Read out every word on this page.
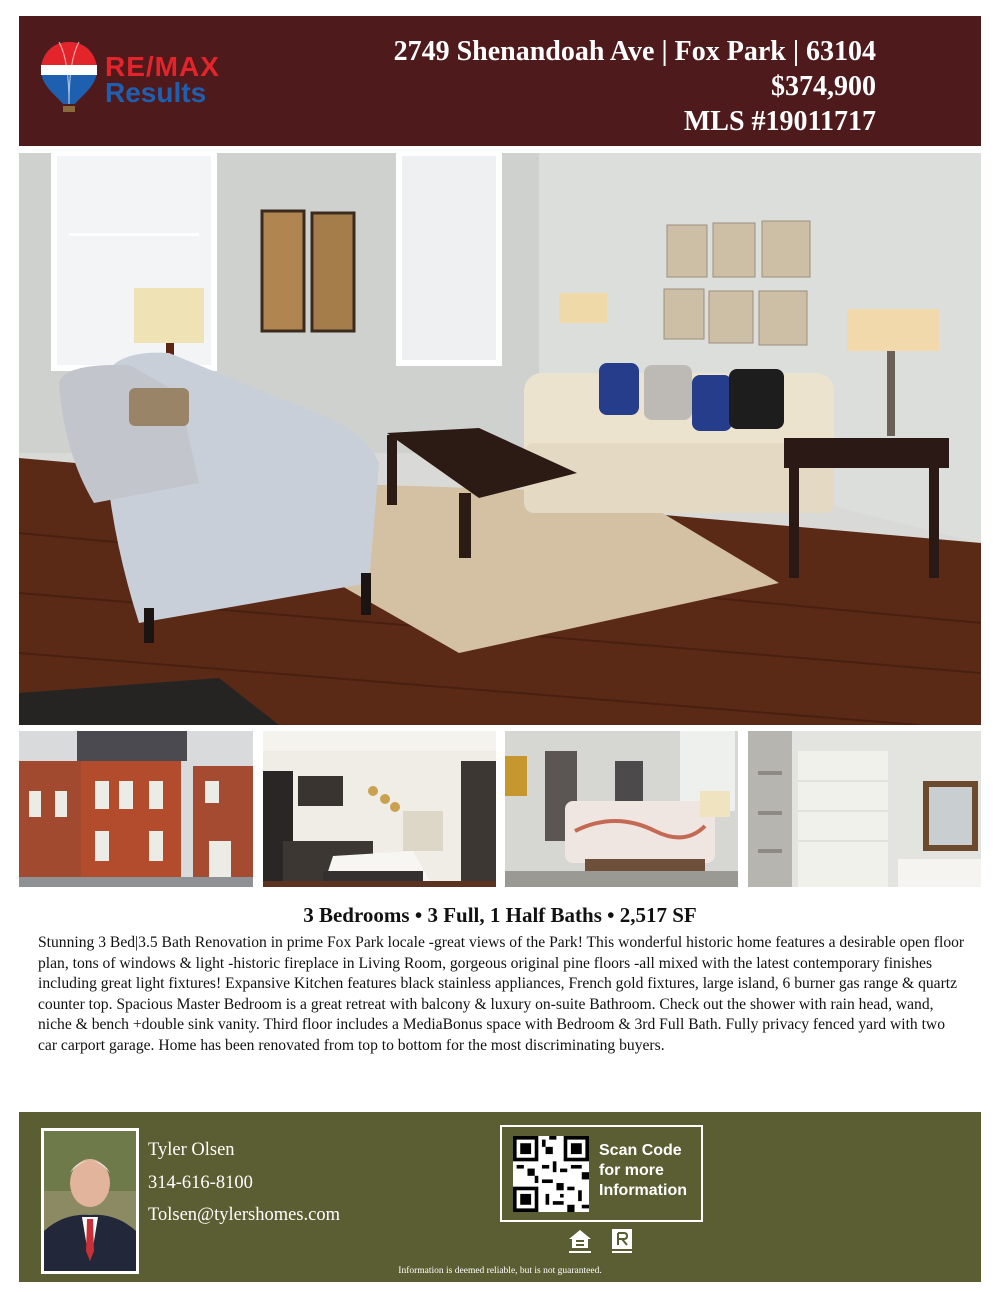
RE/MAX
Results
2749 Shenandoah Ave | Fox Park | 63104
$374,900
MLS #19011717
3 Bedrooms • 3 Full, 1 Half Baths • 2,517 SF
Stunning 3 Bed|3.5 Bath Renovation in prime Fox Park locale -great views of the Park! This wonderful historic home features a desirable open floor plan, tons of windows & light -historic fireplace in Living Room, gorgeous original pine floors -all mixed with the latest contemporary finishes including great light fixtures! Expansive Kitchen features black stainless appliances, French gold fixtures, large island, 6 burner gas range & quartz counter top. Spacious Master Bedroom is a great retreat with balcony & luxury on-suite Bathroom. Check out the shower with rain head, wand, niche & bench +double sink vanity. Third floor includes a MediaBonus space with Bedroom & 3rd Full Bath. Fully privacy fenced yard with two car carport garage. Home has been renovated from top to bottom for the most discriminating buyers.
Tyler Olsen
314-616-8100
Tolsen@tylershomes.com
Scan Code
for more
Information
Information is deemed reliable, but is not guaranteed.
